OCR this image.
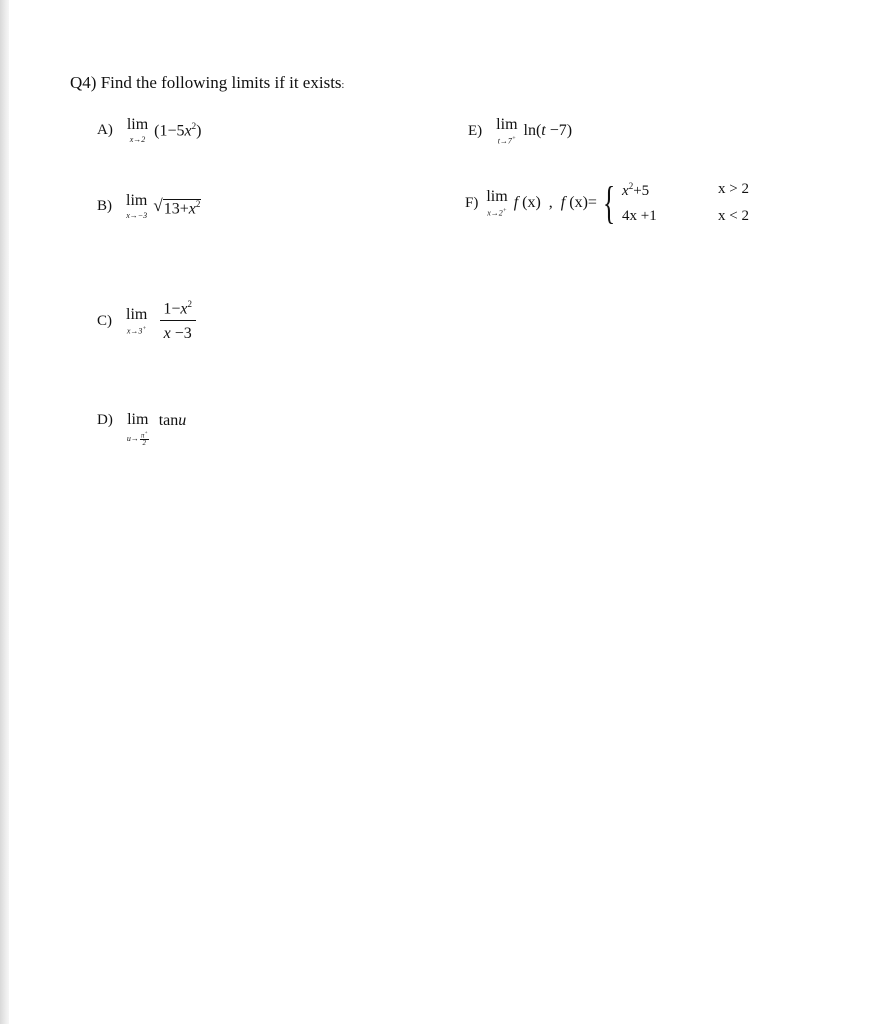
Q4) Find the following limits if it exists:
A) lim
x→2
$(1-5x^2)$	E) lim
t→7+ ln(t −7)
B) lim
x→−3
√ $13+x^2$	F) lim
x→2+ f (x) , f (x)= { $x^2+5$	x > 2
4x +1	x < 2
C) lim
$x\to 3^+ \frac{1-x^2}{x -3}$
D) lim
$u \to \frac{\pi^+}{2}$
tanu
